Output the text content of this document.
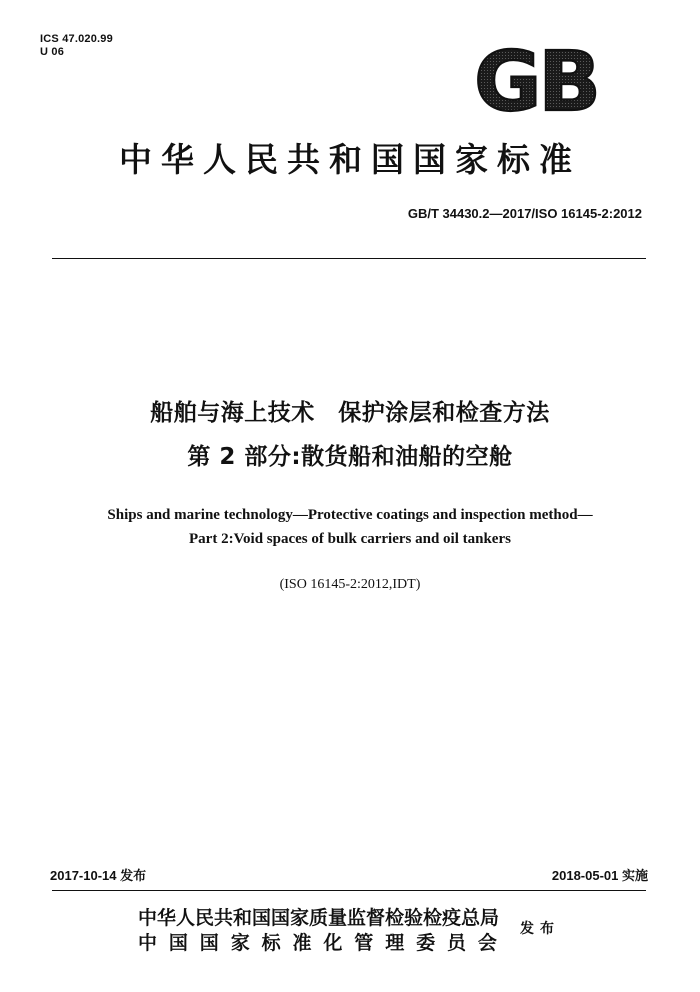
ICS 47.020.99
U 06	GB
中华人民共和国国家标准
GB/T 34430.2—2017/ISO 16145-2:2012
船舶与海上技术　保护涂层和检查方法
第 2 部分:散货船和油船的空舱
Ships and marine technology—Protective coatings and inspection method—
Part 2:Void spaces of bulk carriers and oil tankers
(ISO 16145-2:2012,IDT)
2017-10-14 发布	2018-05-01 实施
中华人民共和国国家质量监督检验检疫总局
中国国家标准化管理委员会
发布
